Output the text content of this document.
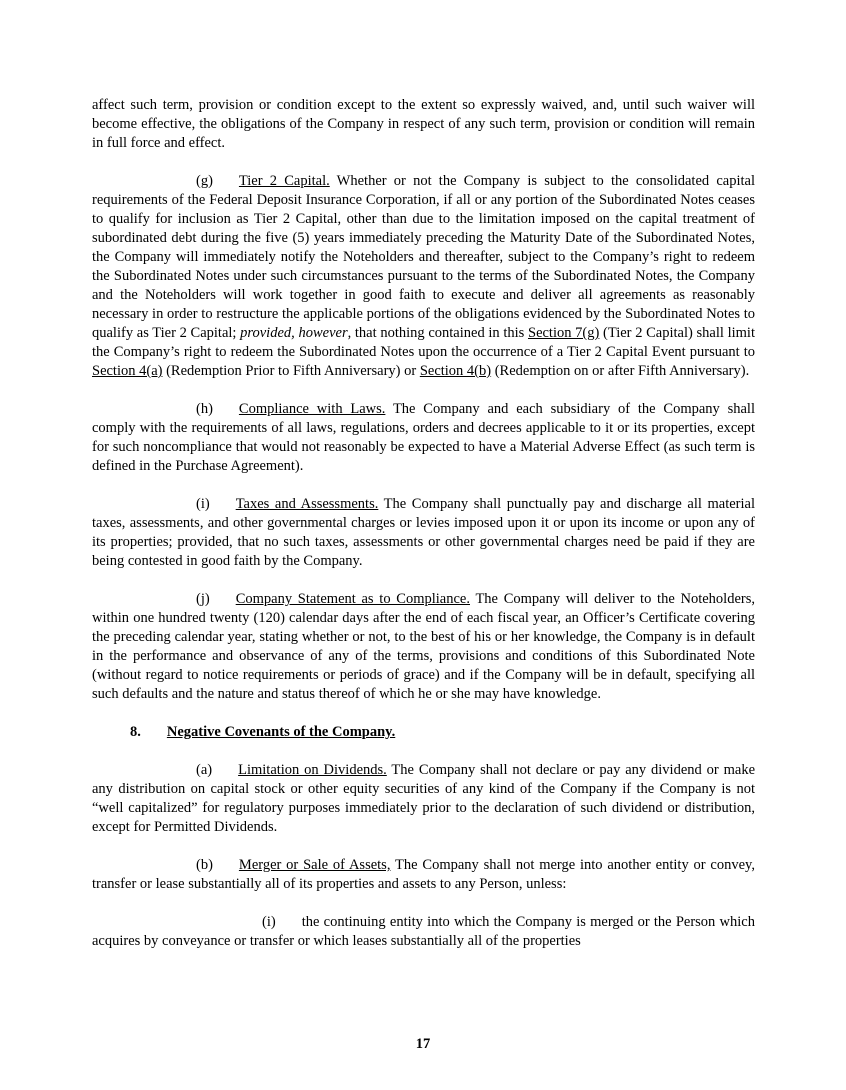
affect such term, provision or condition except to the extent so expressly waived, and, until such waiver will become effective, the obligations of the Company in respect of any such term, provision or condition will remain in full force and effect.

(g) Tier 2 Capital. Whether or not the Company is subject to the consolidated capital requirements of the Federal Deposit Insurance Corporation, if all or any portion of the Subordinated Notes ceases to qualify for inclusion as Tier 2 Capital, other than due to the limitation imposed on the capital treatment of subordinated debt during the five (5) years immediately preceding the Maturity Date of the Subordinated Notes, the Company will immediately notify the Noteholders and thereafter, subject to the Company’s right to redeem the Subordinated Notes under such circumstances pursuant to the terms of the Subordinated Notes, the Company and the Noteholders will work together in good faith to execute and deliver all agreements as reasonably necessary in order to restructure the applicable portions of the obligations evidenced by the Subordinated Notes to qualify as Tier 2 Capital; provided, however, that nothing contained in this Section 7(g) (Tier 2 Capital) shall limit the Company’s right to redeem the Subordinated Notes upon the occurrence of a Tier 2 Capital Event pursuant to Section 4(a) (Redemption Prior to Fifth Anniversary) or Section 4(b) (Redemption on or after Fifth Anniversary).

(h) Compliance with Laws. The Company and each subsidiary of the Company shall comply with the requirements of all laws, regulations, orders and decrees applicable to it or its properties, except for such noncompliance that would not reasonably be expected to have a Material Adverse Effect (as such term is defined in the Purchase Agreement).

(i) Taxes and Assessments. The Company shall punctually pay and discharge all material taxes, assessments, and other governmental charges or levies imposed upon it or upon its income or upon any of its properties; provided, that no such taxes, assessments or other governmental charges need be paid if they are being contested in good faith by the Company.

(j) Company Statement as to Compliance. The Company will deliver to the Noteholders, within one hundred twenty (120) calendar days after the end of each fiscal year, an Officer’s Certificate covering the preceding calendar year, stating whether or not, to the best of his or her knowledge, the Company is in default in the performance and observance of any of the terms, provisions and conditions of this Subordinated Note (without regard to notice requirements or periods of grace) and if the Company will be in default, specifying all such defaults and the nature and status thereof of which he or she may have knowledge.

8. Negative Covenants of the Company.

(a) Limitation on Dividends. The Company shall not declare or pay any dividend or make any distribution on capital stock or other equity securities of any kind of the Company if the Company is not “well capitalized” for regulatory purposes immediately prior to the declaration of such dividend or distribution, except for Permitted Dividends.

(b) Merger or Sale of Assets, The Company shall not merge into another entity or convey, transfer or lease substantially all of its properties and assets to any Person, unless:

(i) the continuing entity into which the Company is merged or the Person which acquires by conveyance or transfer or which leases substantially all of the properties

17
